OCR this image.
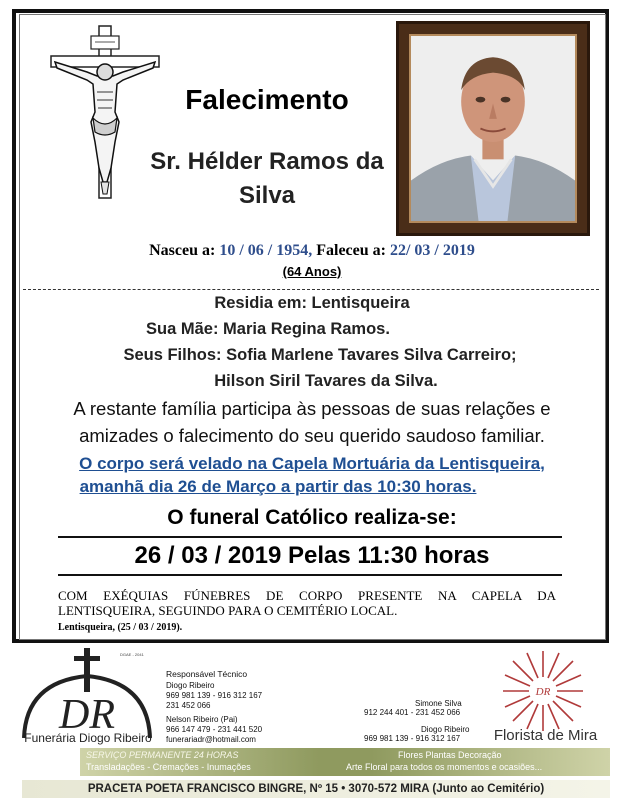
Falecimento
Sr. Hélder Ramos da
Silva
Nasceu a: 10 / 06 / 1954, Faleceu a: 22/ 03 / 2019
(64 Anos)
Residia em: Lentisqueira
Sua Mãe: Maria Regina Ramos.
Seus Filhos: Sofia Marlene Tavares Silva Carreiro;
Hilson Siril Tavares da Silva.
A restante família participa às pessoas de suas relações e
amizades o falecimento do seu querido saudoso familiar.
O corpo será velado na Capela Mortuária da Lentisqueira,
amanhã dia 26 de Março a partir das 10:30 horas.
O funeral Católico realiza-se:
26 / 03 / 2019 Pelas 11:30 horas
COM EXÉQUIAS FÚNEBRES DE CORPO PRESENTE NA CAPELA DA LENTISQUEIRA, SEGUINDO PARA O CEMITÉRIO LOCAL.
Lentisqueira, (25 / 03 / 2019).
DR
DGAE - 2041
Funerária Diogo Ribeiro
Responsável Técnico
Diogo Ribeiro
969 981 139 - 916 312 167
231 452 066
Nelson Ribeiro (Pai)
966 147 479 - 231 441 520
funerariadr@hotmail.com
Simone Silva
912 244 401 - 231 452 066
Diogo Ribeiro
969 981 139 - 916 312 167
DR
Florista de Mira
SERVIÇO PERMANENTE 24 HORAS
Transladações - Cremações - Inumações
Flores Plantas Decoração
Arte Floral para todos os momentos e ocasiões...
PRACETA POETA FRANCISCO BINGRE, Nº 15 • 3070-572 MIRA (Junto ao Cemitério)
